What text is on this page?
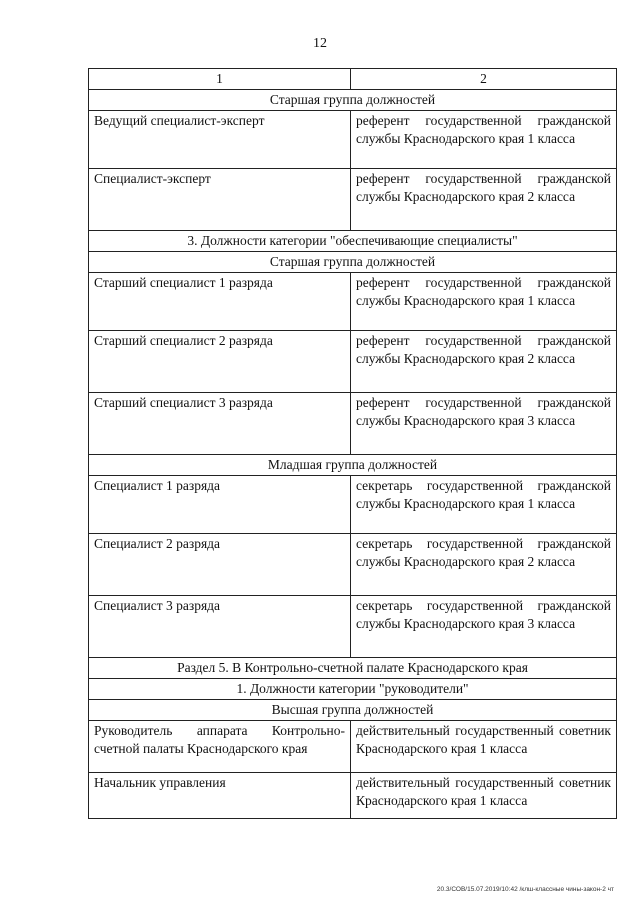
12
1	2
Старшая группа должностей	
Ведущий специалист-эксперт	референт государственной гражданской службы Краснодарского края 1 класса
Специалист-эксперт	референт государственной гражданской службы Краснодарского края 2 класса
3. Должности категории "обеспечивающие специалисты"	
Старшая группа должностей	
Старший специалист 1 разряда	референт государственной гражданской службы Краснодарского края 1 класса
Старший специалист 2 разряда	референт государственной гражданской службы Краснодарского края 2 класса
Старший специалист 3 разряда	референт государственной гражданской службы Краснодарского края 3 класса
Младшая группа должностей	
Специалист 1 разряда	секретарь государственной гражданской службы Краснодарского края 1 класса
Специалист 2 разряда	секретарь государственной гражданской службы Краснодарского края 2 класса
Специалист 3 разряда	секретарь государственной гражданской службы Краснодарского края 3 класса
Раздел 5. В Контрольно-счетной палате Краснодарского края	
1. Должности категории "руководители"	
Высшая группа должностей	
Руководитель аппарата Контрольно-счетной палаты Краснодарского края	действительный государственный советник Краснодарского края 1 класса
Начальник управления	действительный государственный советник Краснодарского края 1 класса
20.3/СОВ/15.07.2019/10:42 /клш-классные чины-закон-2 чт
